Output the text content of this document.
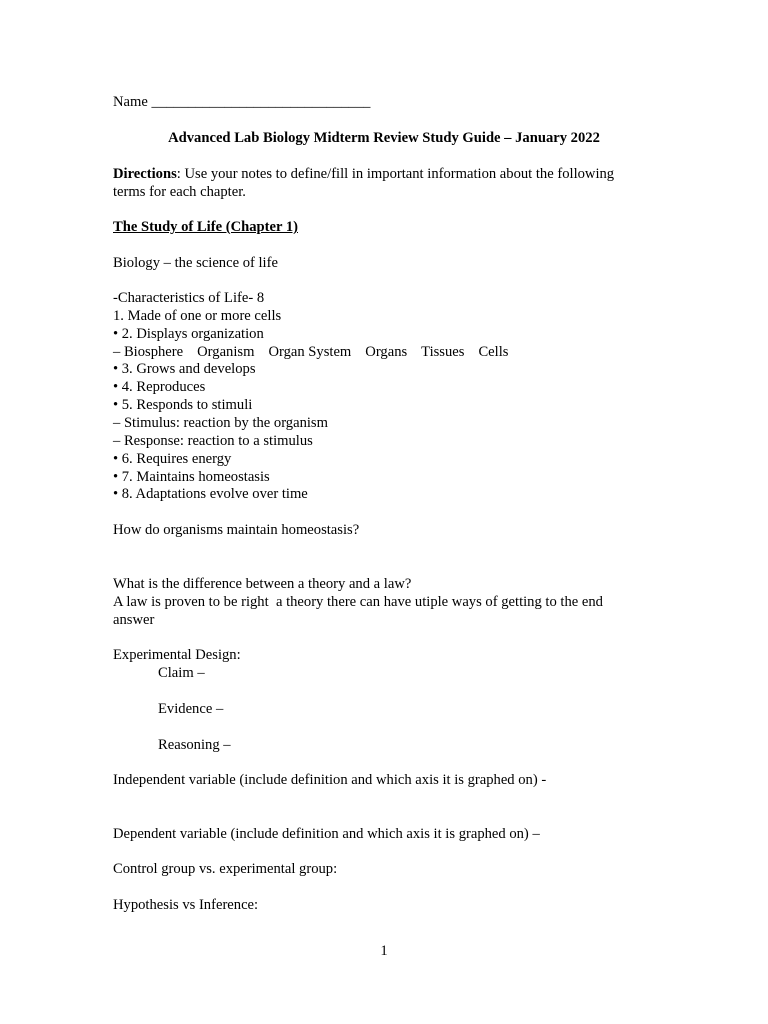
Name ______________________________

Advanced Lab Biology Midterm Review Study Guide – January 2022

Directions: Use your notes to define/fill in important information about the following

terms for each chapter.

The Study of Life (Chapter 1)

Biology – the science of life

-Characteristics of Life- 8

1. Made of one or more cells

• 2. Displays organization

– Biosphere Organism Organ System Organs Tissues Cells

• 3. Grows and develops

• 4. Reproduces

• 5. Responds to stimuli

– Stimulus: reaction by the organism

– Response: reaction to a stimulus

• 6. Requires energy

• 7. Maintains homeostasis

• 8. Adaptations evolve over time

How do organisms maintain homeostasis?

What is the difference between a theory and a law?

A law is proven to be right  a theory there can have utiple ways of getting to the end

answer

Experimental Design:

Claim –

Evidence –

Reasoning –

Independent variable (include definition and which axis it is graphed on) -

Dependent variable (include definition and which axis it is graphed on) –

Control group vs. experimental group:

Hypothesis vs Inference:

1
